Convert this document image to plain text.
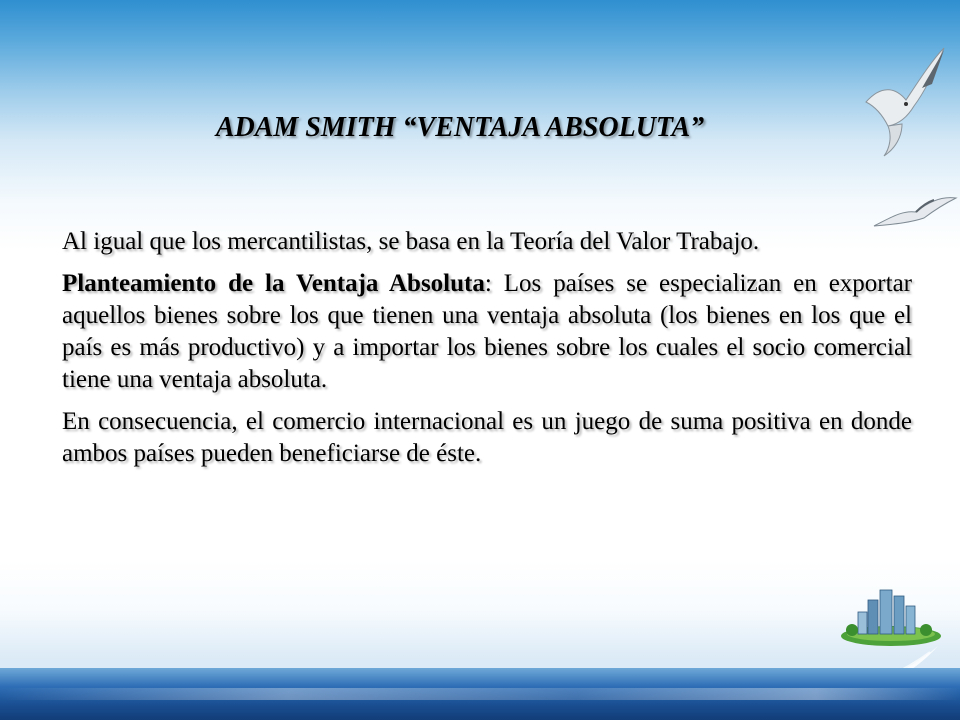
ADAM SMITH “VENTAJA ABSOLUTA”

Al igual que los mercantilistas, se basa en la Teoría del Valor Trabajo.

Planteamiento de la Ventaja Absoluta: Los países se especializan en exportar aquellos bienes sobre los que tienen una ventaja absoluta (los bienes en los que el país es más productivo) y a importar los bienes sobre los cuales el socio comercial tiene una ventaja absoluta.

En consecuencia, el comercio internacional es un juego de suma positiva en donde ambos países pueden beneficiarse de éste.
